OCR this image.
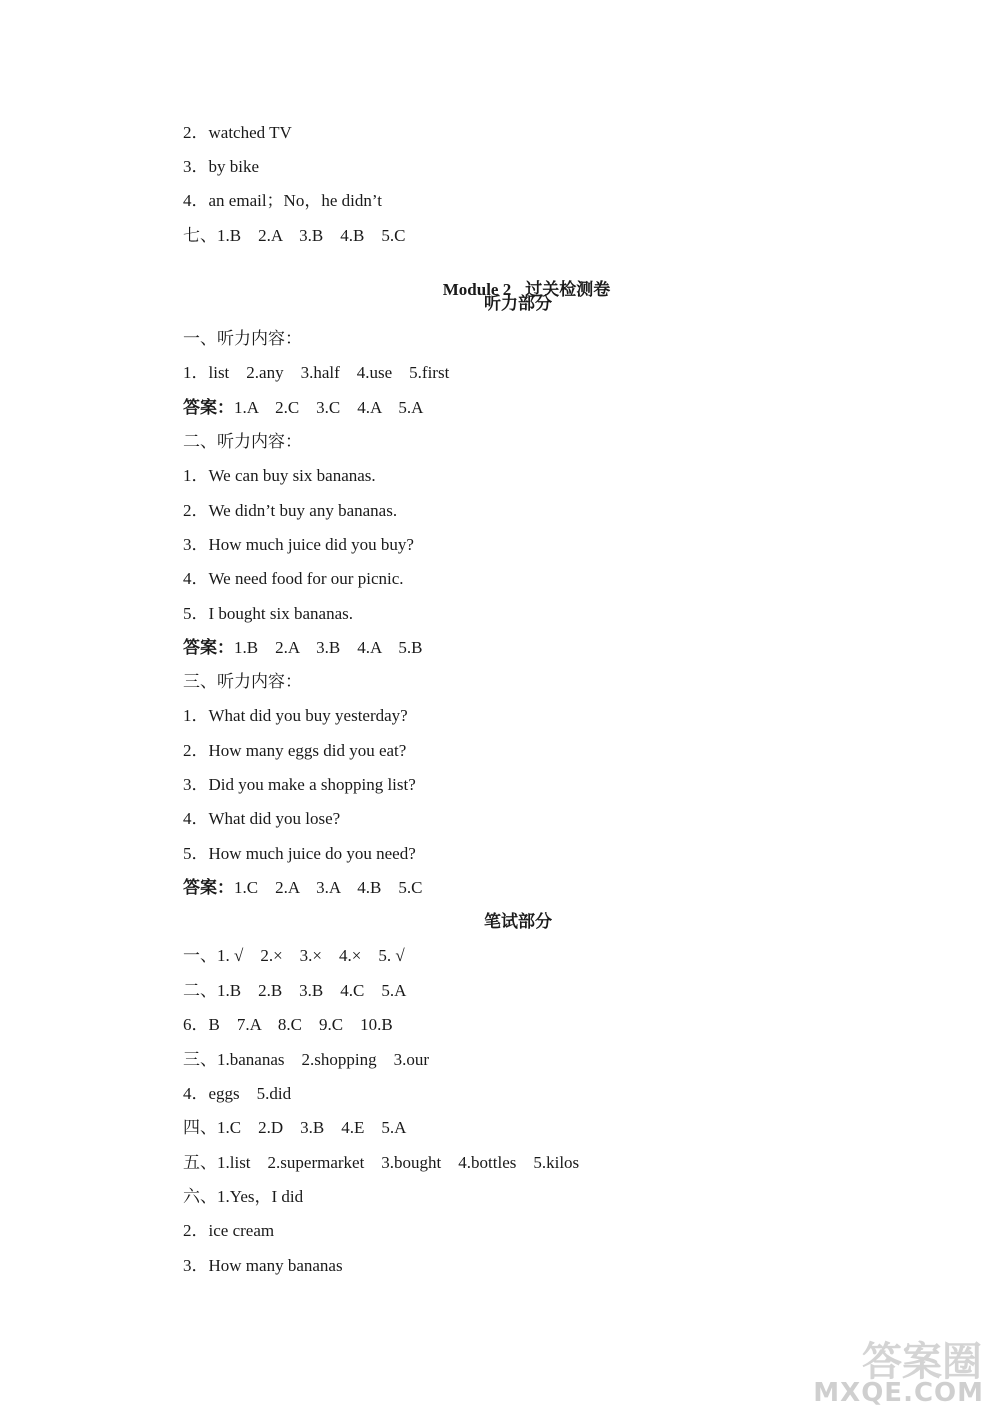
2．watched TV
3．by bike
4．an email；No，he didn’t
七、1.B    2.A    3.B    4.B    5.C

Module 2 过关检测卷

听力部分
一、听力内容：
1．list    2.any    3.half    4.use    5.first
答案：1.A    2.C    3.C    4.A    5.A
二、听力内容：
1．We can buy six bananas.
2．We didn’t buy any bananas.
3．How much juice did you buy?
4．We need food for our picnic.
5．I bought six bananas.
答案：1.B    2.A    3.B    4.A    5.B
三、听力内容：
1．What did you buy yesterday?
2．How many eggs did you eat?
3．Did you make a shopping list?
4．What did you lose?
5．How much juice do you need?
答案：1.C    2.A    3.A    4.B    5.C
笔试部分
一、1. √    2.×    3.×    4.×    5. √
二、1.B    2.B    3.B    4.C    5.A
6．B    7.A    8.C    9.C    10.B
三、1.bananas    2.shopping    3.our
4．eggs    5.did
四、1.C    2.D    3.B    4.E    5.A
五、1.list    2.supermarket    3.bought    4.bottles    5.kilos
六、1.Yes，I did
2．ice cream
3．How many bananas
答案圈
MXQE.COM
